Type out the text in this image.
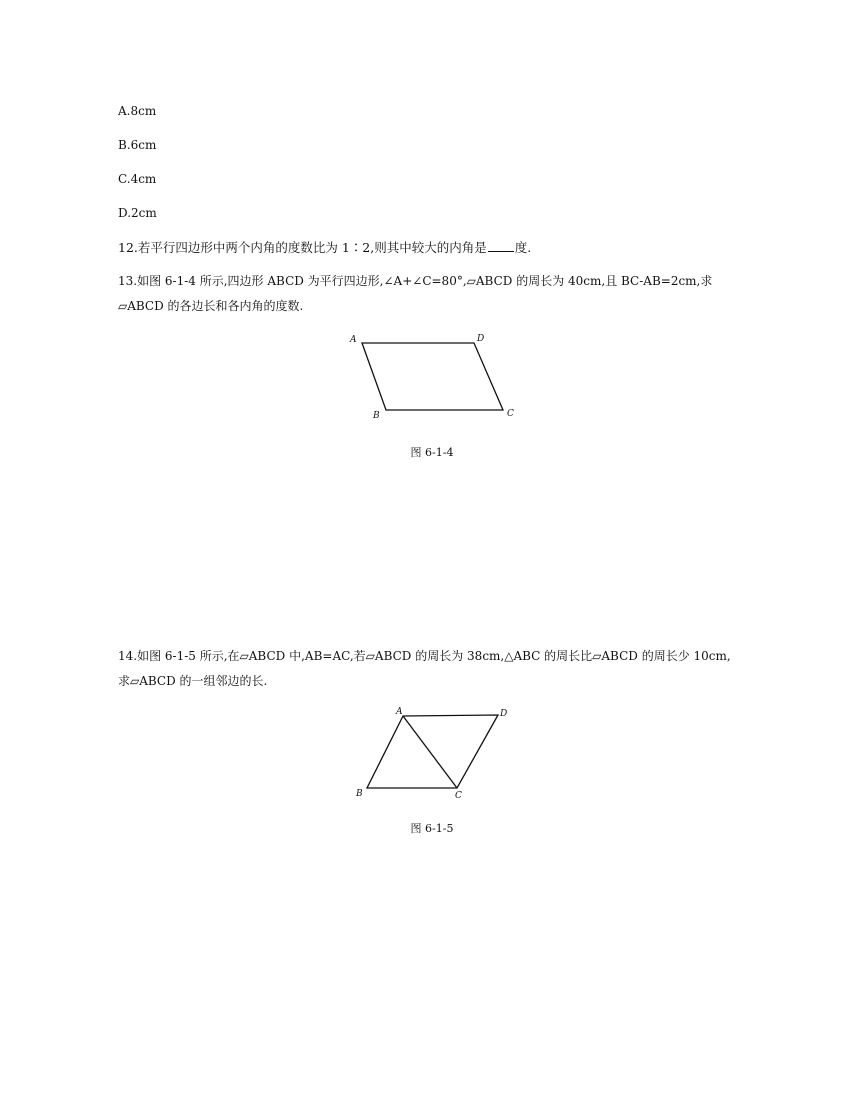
A.8cm
B.6cm
C.4cm
D.2cm
12.若平行四边形中两个内角的度数比为 1∶2,则其中较大的内角是 度.
13.如图 6-1-4 所示,四边形 ABCD 为平行四边形,∠A+∠C=80°,▱ABCD 的周长为 40cm,且 BC-AB=2cm,求
▱ABCD 的各边长和各内角的度数.
A	D
B	C
图 6-1-4
14.如图 6-1-5 所示,在▱ABCD 中,AB=AC,若▱ABCD 的周长为 38cm,△ABC 的周长比▱ABCD 的周长少 10cm,
求▱ABCD 的一组邻边的长.
A	D
B	C
图 6-1-5
